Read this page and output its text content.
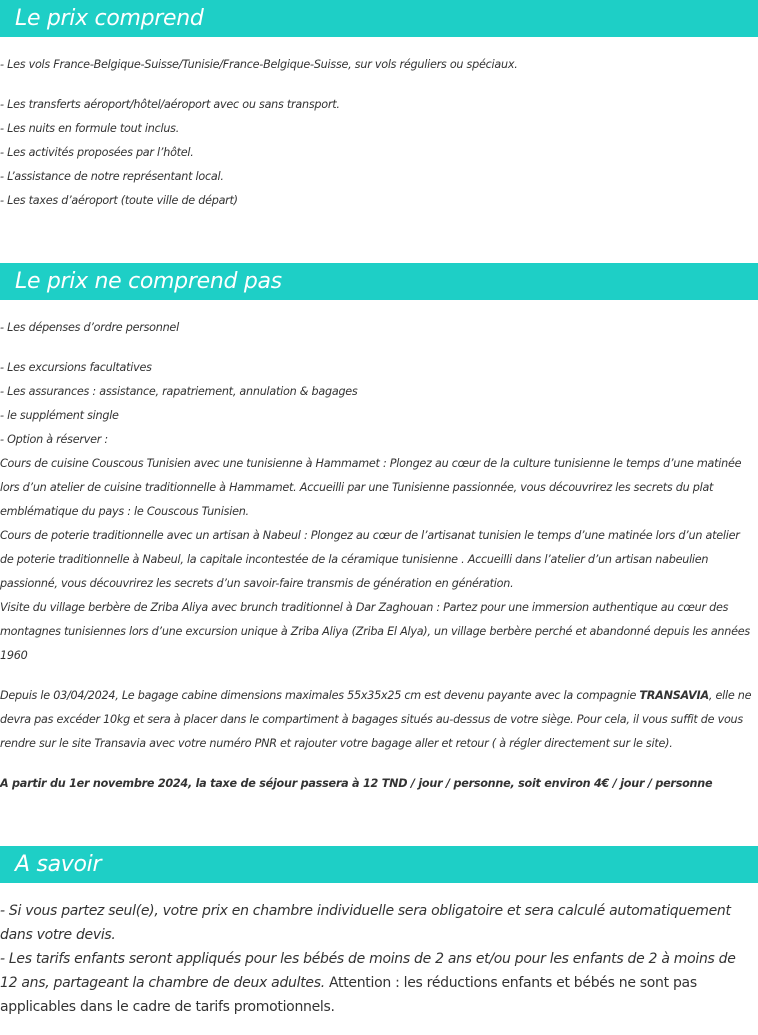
Le prix comprend

- Les vols France-Belgique-Suisse/Tunisie/France-Belgique-Suisse, sur vols réguliers ou spéciaux.

- Les transferts aéroport/hôtel/aéroport avec ou sans transport.

- Les nuits en formule tout inclus.

- Les activités proposées par l’hôtel.

- L’assistance de notre représentant local.

- Les taxes d’aéroport (toute ville de départ)

Le prix ne comprend pas

- Les dépenses d’ordre personnel

- Les excursions facultatives

- Les assurances : assistance, rapatriement, annulation & bagages

- le supplément single

- Option à réserver :

Cours de cuisine Couscous Tunisien avec une tunisienne à Hammamet : Plongez au cœur de la culture tunisienne le temps d’une matinée lors d’un atelier de cuisine traditionnelle à Hammamet. Accueilli par une Tunisienne passionnée, vous découvrirez les secrets du plat emblématique du pays : le Couscous Tunisien.

Cours de poterie traditionnelle avec un artisan à Nabeul : Plongez au cœur de l’artisanat tunisien le temps d’une matinée lors d’un atelier de poterie traditionnelle à Nabeul, la capitale incontestée de la céramique tunisienne . Accueilli dans l’atelier d’un artisan nabeulien passionné, vous découvrirez les secrets d’un savoir-faire transmis de génération en génération.

Visite du village berbère de Zriba Aliya avec brunch traditionnel à Dar Zaghouan : Partez pour une immersion authentique au cœur des montagnes tunisiennes lors d’une excursion unique à Zriba Aliya (Zriba El Alya), un village berbère perché et abandonné depuis les années 1960

Depuis le 03/04/2024, Le bagage cabine dimensions maximales 55x35x25 cm est devenu payante avec la compagnie TRANSAVIA, elle ne devra pas excéder 10kg et sera à placer dans le compartiment à bagages situés au-dessus de votre siège. Pour cela, il vous suffit de vous rendre sur le site Transavia avec votre numéro PNR et rajouter votre bagage aller et retour ( à régler directement sur le site).

A partir du 1er novembre 2024, la taxe de séjour passera à 12 TND / jour / personne, soit environ 4€ / jour / personne

A savoir

- Si vous partez seul(e), votre prix en chambre individuelle sera obligatoire et sera calculé automatiquement dans votre devis.

- Les tarifs enfants seront appliqués pour les bébés de moins de 2 ans et/ou pour les enfants de 2 à moins de 12 ans, partageant la chambre de deux adultes. Attention : les réductions enfants et bébés ne sont pas applicables dans le cadre de tarifs promotionnels.
